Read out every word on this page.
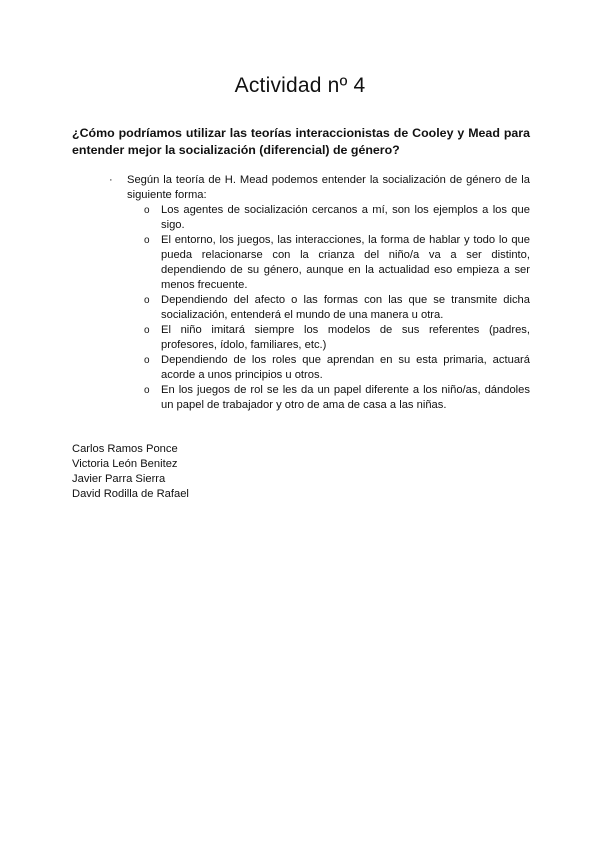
Actividad nº 4
¿Cómo podríamos utilizar las teorías interaccionistas de Cooley y Mead para entender mejor la socialización (diferencial) de género?
·	Según la teoría de H. Mead podemos entender la socialización de género de la siguiente forma:
o Los agentes de socialización cercanos a mí, son los ejemplos a los que sigo.
o El entorno, los juegos, las interacciones, la forma de hablar y todo lo que pueda relacionarse con la crianza del niño/a va a ser distinto, dependiendo de su género, aunque en la actualidad eso empieza a ser menos frecuente.
o Dependiendo del afecto o las formas con las que se transmite dicha socialización, entenderá el mundo de una manera u otra.
o El niño imitará siempre los modelos de sus referentes (padres, profesores, ídolo, familiares, etc.)
o Dependiendo de los roles que aprendan en su esta primaria, actuará acorde a unos principios u otros.
o En los juegos de rol se les da un papel diferente a los niño/as, dándoles un papel de trabajador y otro de ama de casa a las niñas.
Carlos Ramos Ponce
Victoria León Benitez
Javier Parra Sierra
David Rodilla de Rafael
